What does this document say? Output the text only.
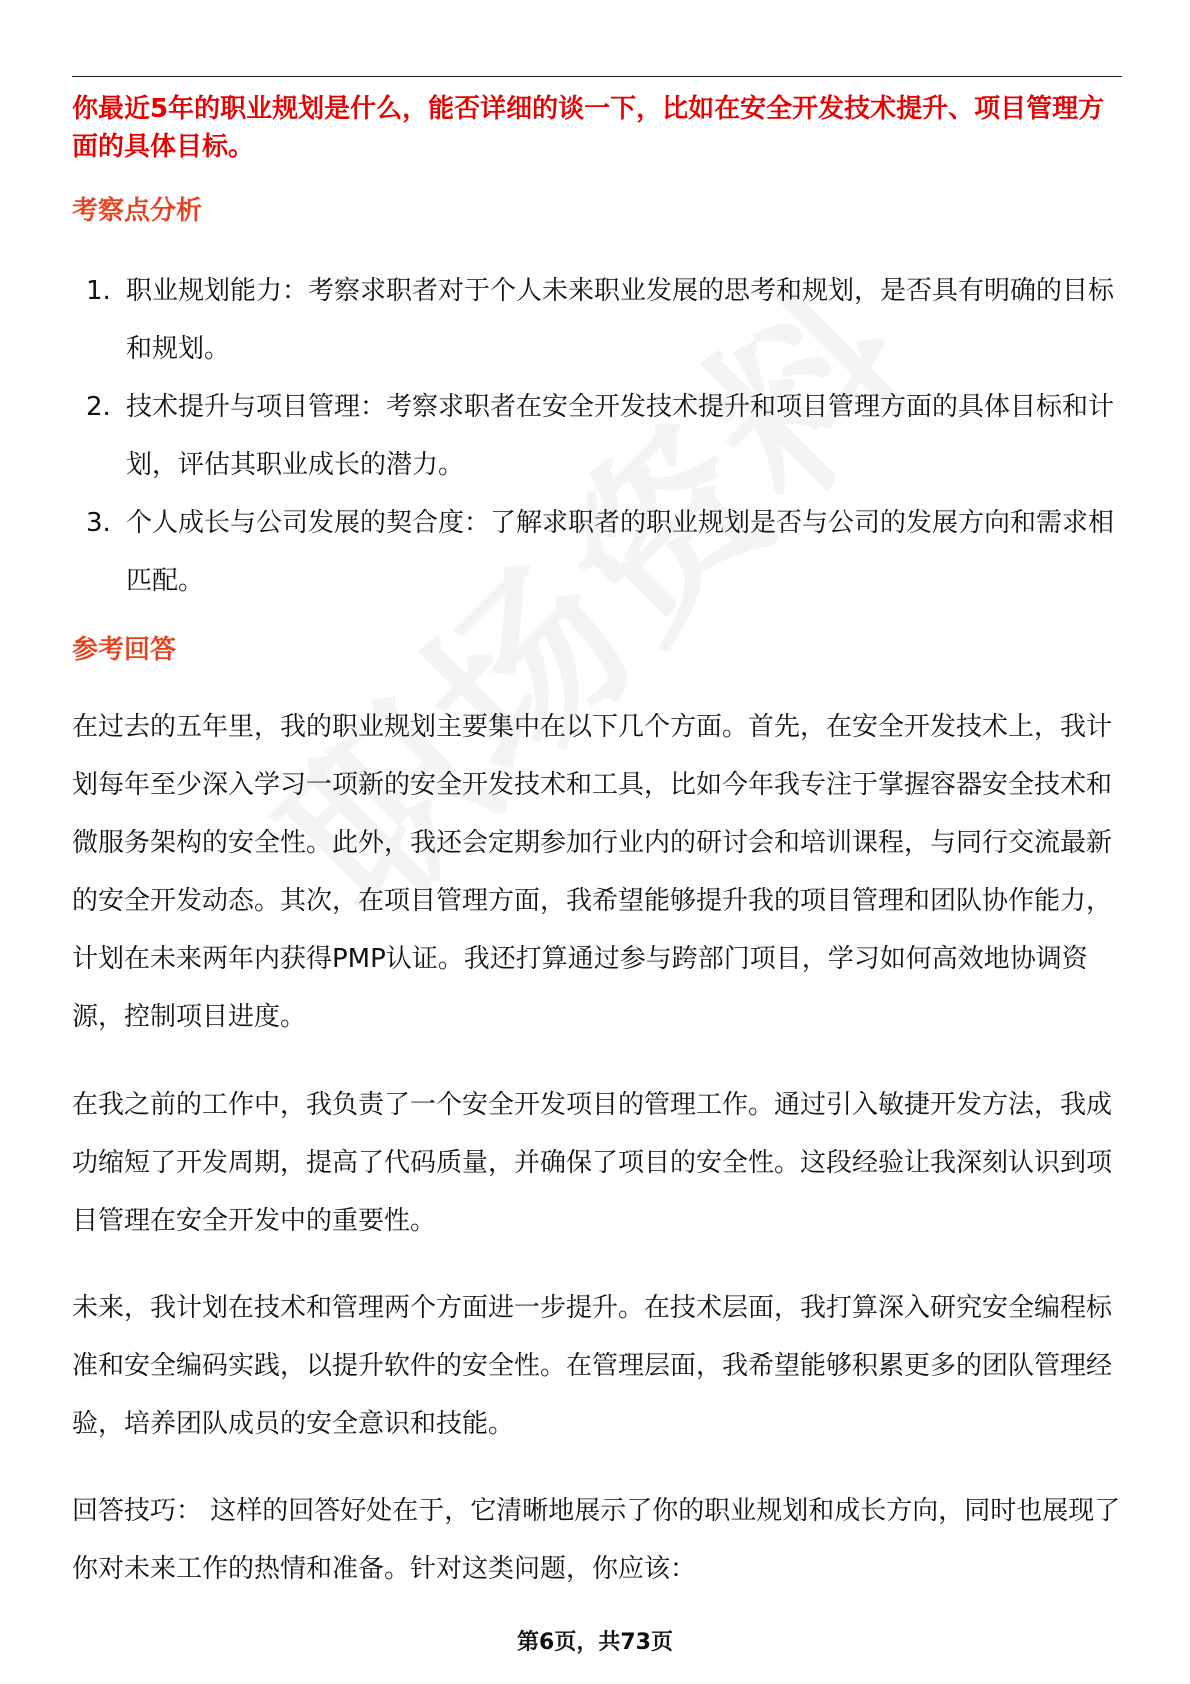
你最近5年的职业规划是什么，能否详细的谈一下，比如在安全开发技术提升、项目管理方面的具体目标。

考察点分析

1. 职业规划能力：考察求职者对于个人未来职业发展的思考和规划，是否具有明确的目标和规划。
2. 技术提升与项目管理：考察求职者在安全开发技术提升和项目管理方面的具体目标和计划，评估其职业成长的潜力。
3. 个人成长与公司发展的契合度：了解求职者的职业规划是否与公司的发展方向和需求相匹配。

参考回答

在过去的五年里，我的职业规划主要集中在以下几个方面。首先，在安全开发技术上，我计划每年至少深入学习一项新的安全开发技术和工具，比如今年我专注于掌握容器安全技术和微服务架构的安全性。此外，我还会定期参加行业内的研讨会和培训课程，与同行交流最新的安全开发动态。其次，在项目管理方面，我希望能够提升我的项目管理和团队协作能力，计划在未来两年内获得PMP认证。我还打算通过参与跨部门项目，学习如何高效地协调资源，控制项目进度。

在我之前的工作中，我负责了一个安全开发项目的管理工作。通过引入敏捷开发方法，我成功缩短了开发周期，提高了代码质量，并确保了项目的安全性。这段经验让我深刻认识到项目管理在安全开发中的重要性。

未来，我计划在技术和管理两个方面进一步提升。在技术层面，我打算深入研究安全编程标准和安全编码实践，以提升软件的安全性。在管理层面，我希望能够积累更多的团队管理经验，培养团队成员的安全意识和技能。

回答技巧： 这样的回答好处在于，它清晰地展示了你的职业规划和成长方向，同时也展现了你对未来工作的热情和准备。针对这类问题，你应该：

第6页，共73页
